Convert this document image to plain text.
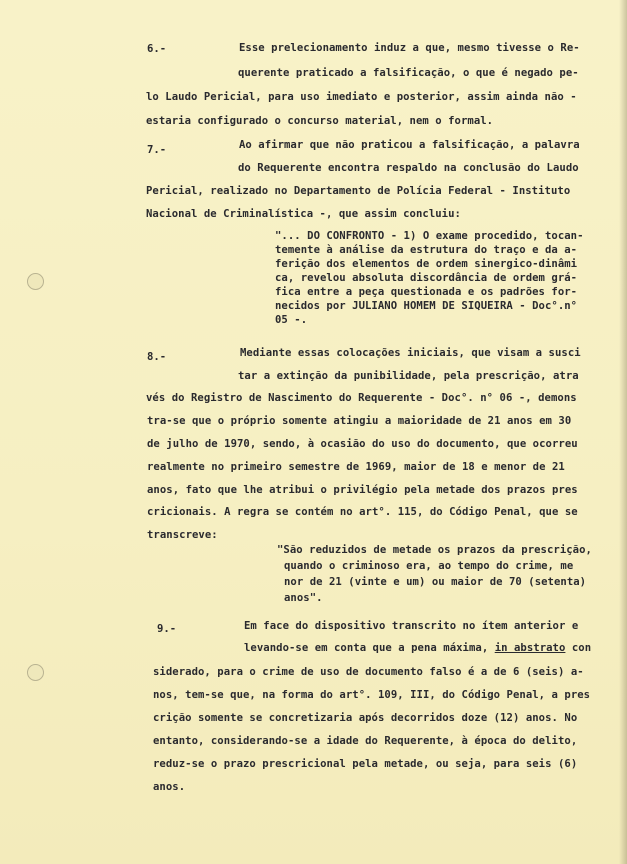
6.-	Esse prelecionamento induz a que, mesmo tivesse o Re-
querente praticado a falsificação, o que é negado pe-
lo Laudo Pericial, para uso imediato e posterior, assim ainda não -
estaria configurado o concurso material, nem o formal.
7.-	Ao afirmar que não praticou a falsificação, a palavra
do Requerente encontra respaldo na conclusão do Laudo
Pericial, realizado no Departamento de Polícia Federal - Instituto
Nacional de Criminalística -, que assim concluiu:
"... DO CONFRONTO - 1) O exame procedido, tocan-
temente à análise da estrutura do traço e da a-
ferição dos elementos de ordem sinergico-dinâmi
ca, revelou absoluta discordância de ordem grá-
fica entre a peça questionada e os padrões for-
necidos por JULIANO HOMEM DE SIQUEIRA - Doc°.n°
05 -.
8.-	Mediante essas colocações iniciais, que visam a susci
tar a extinção da punibilidade, pela prescrição, atra
vés do Registro de Nascimento do Requerente - Doc°. n° 06 -, demons
tra-se que o próprio somente atingiu a maioridade de 21 anos em 30
de julho de 1970, sendo, à ocasião do uso do documento, que ocorreu
realmente no primeiro semestre de 1969, maior de 18 e menor de 21
anos, fato que lhe atribui o privilégio pela metade dos prazos pres
cricionais. A regra se contém no art°. 115, do Código Penal, que se
transcreve:
"São reduzidos de metade os prazos da prescrição,
quando o criminoso era, ao tempo do crime, me
nor de 21 (vinte e um) ou maior de 70 (setenta)
anos".
9.-	Em face do dispositivo transcrito no ítem anterior e
levando-se em conta que a pena máxima, in abstrato con
siderado, para o crime de uso de documento falso é a de 6 (seis) a-
nos, tem-se que, na forma do art°. 109, III, do Código Penal, a pres
crição somente se concretizaria após decorridos doze (12) anos. No
entanto, considerando-se a idade do Requerente, à época do delito,
reduz-se o prazo prescricional pela metade, ou seja, para seis (6)
anos.
